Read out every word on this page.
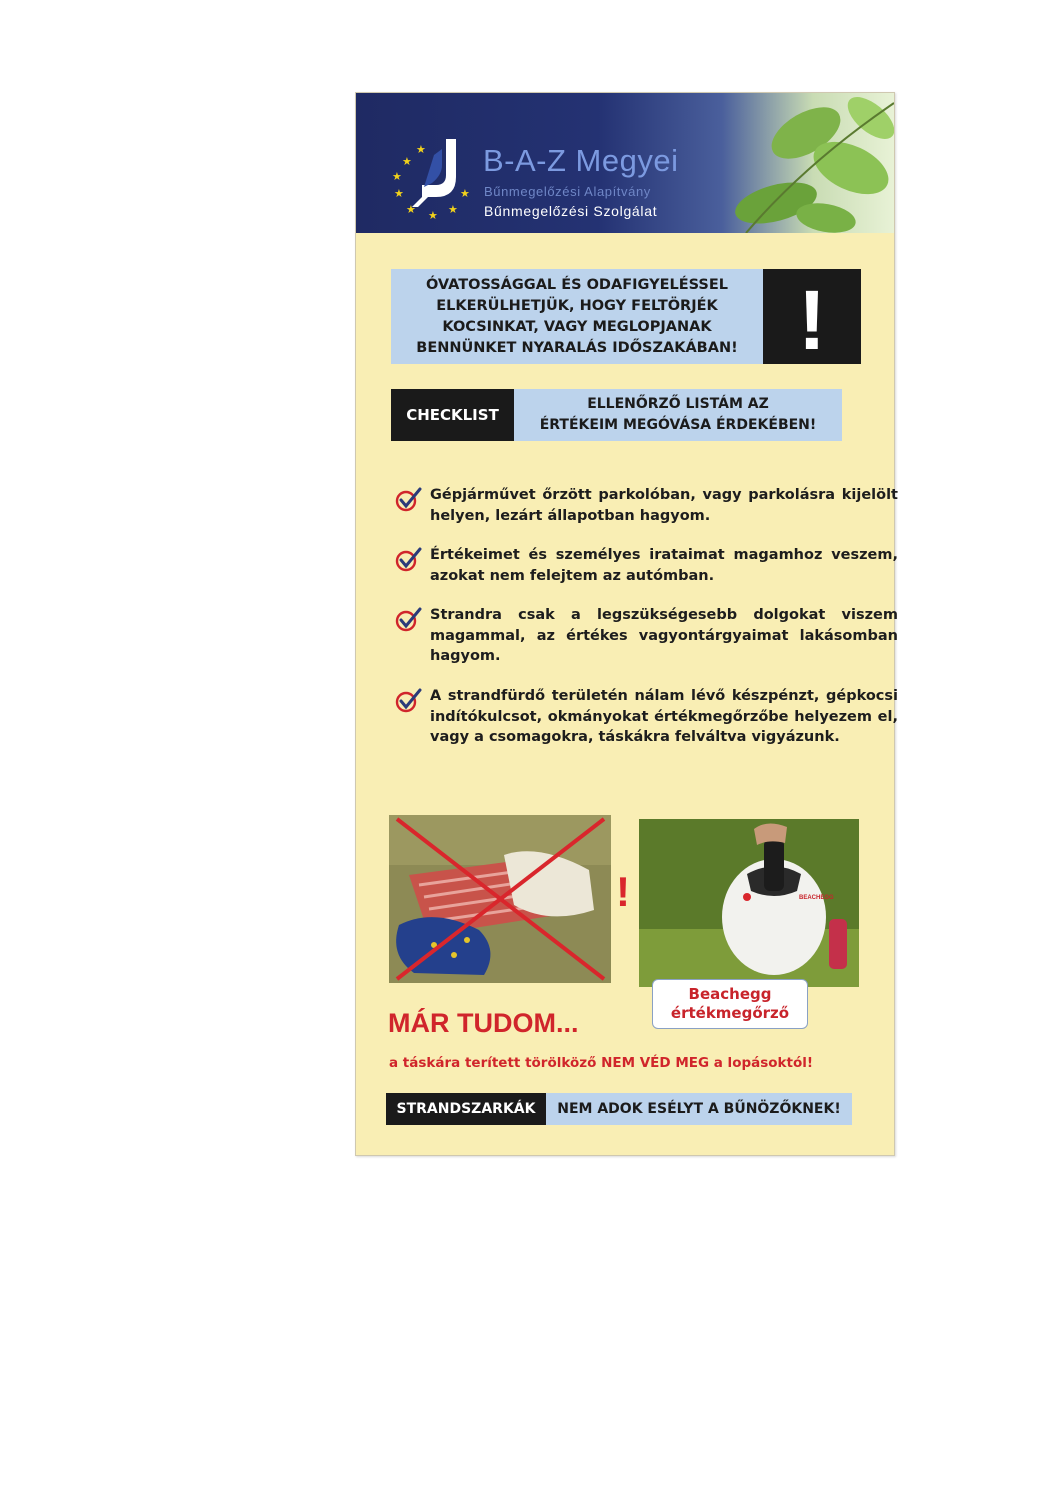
★
★
★
★ ★ ★
★
★ B-A-Z Megyei
Bűnmegelőzési Alapítvány
Bűnmegelőzési Szolgálat
ÓVATOSSÁGGAL ÉS ODAFIGYELÉSSEL
ELKERÜLHETJÜK, HOGY FELTÖRJÉK
KOCSINKAT, VAGY MEGLOPJANAK
BENNÜNKET NYARALÁS IDŐSZAKÁBAN! !
CHECKLIST
ELLENŐRZŐ LISTÁM AZ
ÉRTÉKEIM MEGÓVÁSA ÉRDEKÉBEN!
Gépjárművet őrzött parkolóban, vagy parkolásra kijelölt helyen, lezárt állapotban hagyom.
Értékeimet és személyes irataimat magamhoz veszem, azokat nem felejtem az autómban.
Strandra csak a legszükségesebb dolgokat viszem magammal, az értékes vagyontárgyaimat lakásomban hagyom.
A strandfürdő területén nálam lévő készpénzt, gépkocsi indítókulcsot, okmányokat értékmegőrzőbe helyezem el, vagy a csomagokra, táskákra felváltva vigyázunk.
!	BEACHEGG
Beachegg
értékmegőrző
MÁR TUDOM...
a táskára terített törölköző NEM VÉD MEG a lopásoktól!
STRANDSZARKÁK	NEM ADOK ESÉLYT A BŰNÖZŐKNEK!
